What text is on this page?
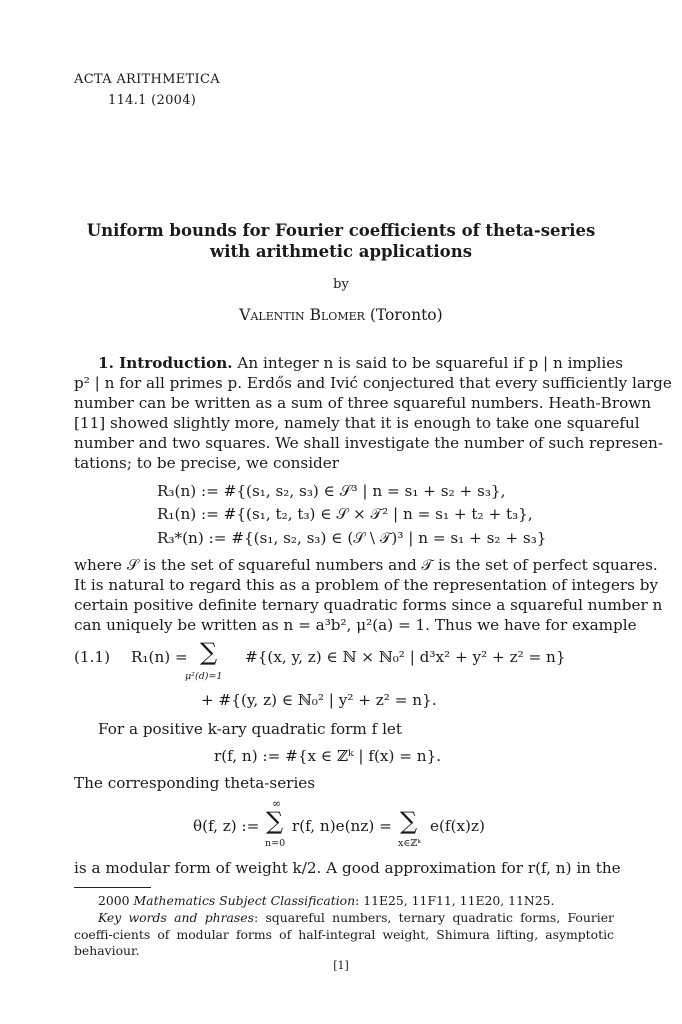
ACTA ARITHMETICA
114.1 (2004)
Uniform bounds for Fourier coefficients of theta-series
with arithmetic applications
by
Valentin Blomer (Toronto)
1. Introduction. An integer n is said to be squareful if p | n implies
p² | n for all primes p. Erdős and Ivić conjectured that every sufficiently large
number can be written as a sum of three squareful numbers. Heath-Brown
[11] showed slightly more, namely that it is enough to take one squareful
number and two squares. We shall investigate the number of such represen-
tations; to be precise, we consider
R₃(n) := #{(s₁, s₂, s₃) ∈ 𝒮³ | n = s₁ + s₂ + s₃},
R₁(n) := #{(s₁, t₂, t₃) ∈ 𝒮 × 𝒯² | n = s₁ + t₂ + t₃},
R₃*(n) := #{(s₁, s₂, s₃) ∈ (𝒮 \ 𝒯)³ | n = s₁ + s₂ + s₃}
where 𝒮 is the set of squareful numbers and 𝒯 is the set of perfect squares.
It is natural to regard this as a problem of the representation of integers by
certain positive definite ternary quadratic forms since a squareful number n
can uniquely be written as n = a³b², μ²(a) = 1. Thus we have for example
(1.1) R₁(n) = ∑
μ²(d)=1
#{(x, y, z) ∈ ℕ × ℕ₀² | d³x² + y² + z² = n}
+ #{(y, z) ∈ ℕ₀² | y² + z² = n}.
For a positive k-ary quadratic form f let
r(f, n) := #{x ∈ ℤᵏ | f(x) = n}.
The corresponding theta-series
θ(f, z) :=
∞
∑
n=0
r(f, n)e(nz) = ∑
x∈ℤᵏ
e(f(x)z)
is a modular form of weight k/2. A good approximation for r(f, n) in the
2000 Mathematics Subject Classification: 11E25, 11F11, 11E20, 11N25.
Key words and phrases: squareful numbers, ternary quadratic forms, Fourier coeffi-cients of modular forms of half-integral weight, Shimura lifting, asymptotic behaviour.
[1]
